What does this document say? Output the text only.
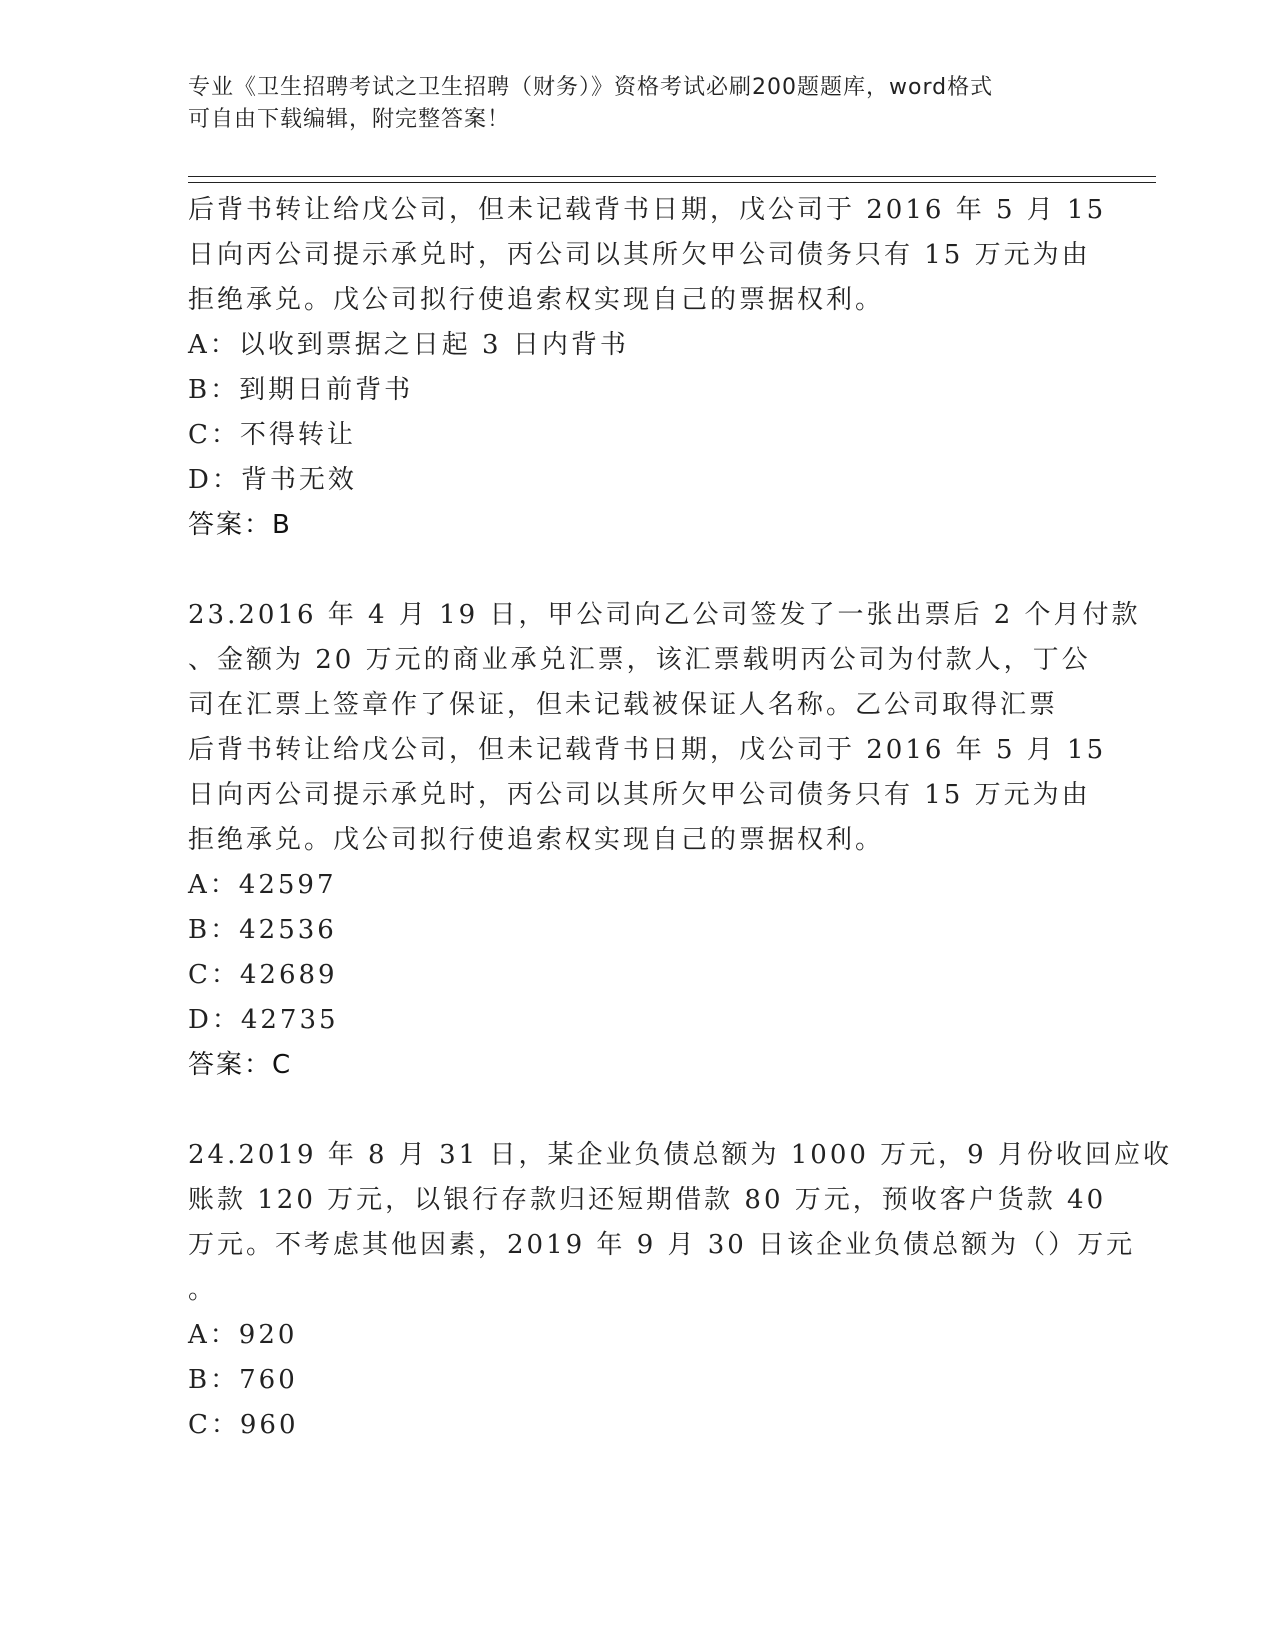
专业《卫生招聘考试之卫生招聘（财务）》资格考试必刷200题题库，word格式
可自由下载编辑，附完整答案！
后背书转让给戊公司，但未记载背书日期，戊公司于 2016 年 5 月 15
日向丙公司提示承兑时，丙公司以其所欠甲公司债务只有 15 万元为由
拒绝承兑。戊公司拟行使追索权实现自己的票据权利。
A：以收到票据之日起 3 日内背书
B：到期日前背书
C：不得转让
D：背书无效
答案：B
23.2016 年 4 月 19 日，甲公司向乙公司签发了一张出票后 2 个月付款
、金额为 20 万元的商业承兑汇票，该汇票载明丙公司为付款人，丁公
司在汇票上签章作了保证，但未记载被保证人名称。乙公司取得汇票
后背书转让给戊公司，但未记载背书日期，戊公司于 2016 年 5 月 15
日向丙公司提示承兑时，丙公司以其所欠甲公司债务只有 15 万元为由
拒绝承兑。戊公司拟行使追索权实现自己的票据权利。
A：42597
B：42536
C：42689
D：42735
答案：C
24.2019 年 8 月 31 日，某企业负债总额为 1000 万元，9 月份收回应收
账款 120 万元，以银行存款归还短期借款 80 万元，预收客户货款 40
万元。不考虑其他因素，2019 年 9 月 30 日该企业负债总额为（）万元
。
A：920
B：760
C：960
